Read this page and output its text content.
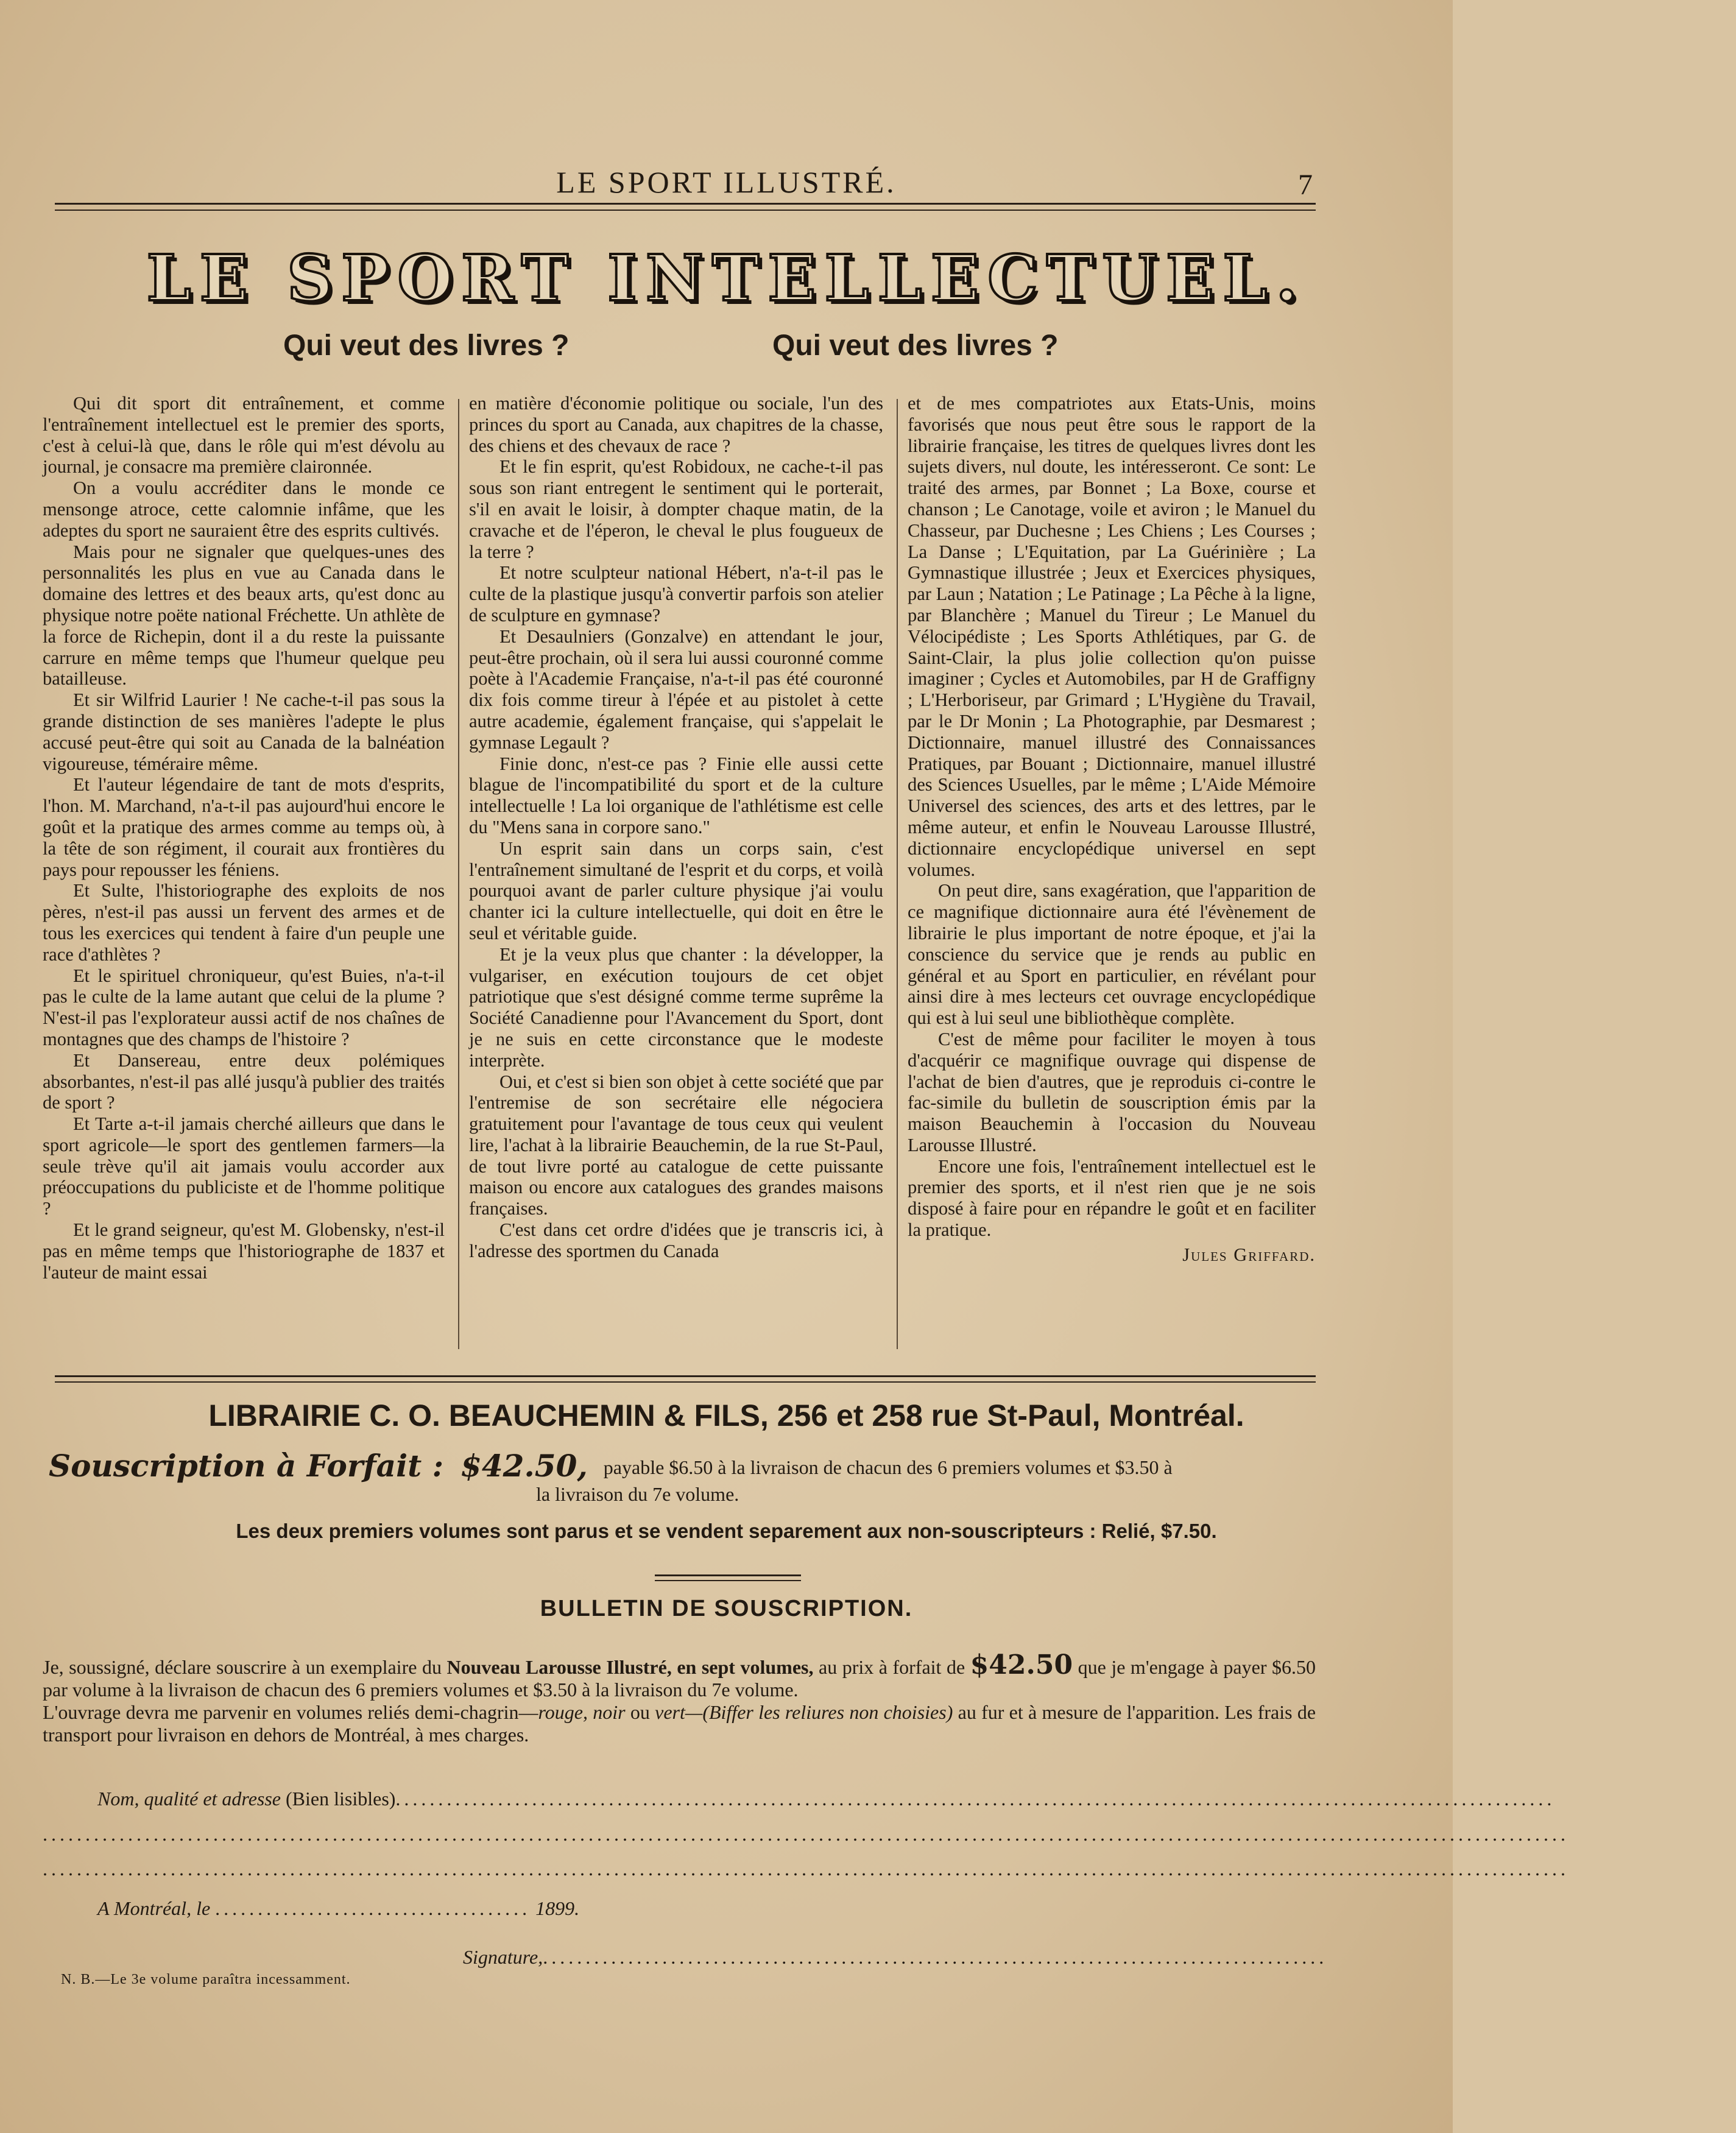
LE SPORT ILLUSTRÉ.	7
LE SPORT INTELLECTUEL.
Qui veut des livres ?	Qui veut des livres ?

Qui dit sport dit entraînement, et comme l'entraînement intellectuel est le premier des sports, c'est à celui-là que, dans le rôle qui m'est dévolu au journal, je consacre ma première claironnée.

On a voulu accréditer dans le monde ce mensonge atroce, cette calomnie infâme, que les adeptes du sport ne sauraient être des esprits cultivés.

Mais pour ne signaler que quelques-unes des personnalités les plus en vue au Canada dans le domaine des lettres et des beaux arts, qu'est donc au physique notre poëte national Fréchette. Un athlète de la force de Richepin, dont il a du reste la puissante carrure en même temps que l'humeur quelque peu batailleuse.

Et sir Wilfrid Laurier ! Ne cache-t-il pas sous la grande distinction de ses manières l'adepte le plus accusé peut-être qui soit au Canada de la balnéation vigoureuse, téméraire même.

Et l'auteur légendaire de tant de mots d'esprits, l'hon. M. Marchand, n'a-t-il pas aujourd'hui encore le goût et la pratique des armes comme au temps où, à la tête de son régiment, il courait aux frontières du pays pour repousser les féniens.

Et Sulte, l'historiographe des exploits de nos pères, n'est-il pas aussi un fervent des armes et de tous les exercices qui tendent à faire d'un peuple une race d'athlètes ?

Et le spirituel chroniqueur, qu'est Buies, n'a-t-il pas le culte de la lame autant que celui de la plume ? N'est-il pas l'explorateur aussi actif de nos chaînes de montagnes que des champs de l'histoire ?

Et Dansereau, entre deux polémiques absorbantes, n'est-il pas allé jusqu'à publier des traités de sport ?

Et Tarte a-t-il jamais cherché ailleurs que dans le sport agricole—le sport des gentlemen farmers—la seule trève qu'il ait jamais voulu accorder aux préoccupations du publiciste et de l'homme politique ?

Et le grand seigneur, qu'est M. Globensky, n'est-il pas en même temps que l'historiographe de 1837 et l'auteur de maint essai

en matière d'économie politique ou sociale, l'un des princes du sport au Canada, aux chapitres de la chasse, des chiens et des chevaux de race ?

Et le fin esprit, qu'est Robidoux, ne cache-t-il pas sous son riant entregent le sentiment qui le porterait, s'il en avait le loisir, à dompter chaque matin, de la cravache et de l'éperon, le cheval le plus fougueux de la terre ?

Et notre sculpteur national Hébert, n'a-t-il pas le culte de la plastique jusqu'à convertir parfois son atelier de sculpture en gymnase?

Et Desaulniers (Gonzalve) en attendant le jour, peut-être prochain, où il sera lui aussi couronné comme poète à l'Academie Française, n'a-t-il pas été couronné dix fois comme tireur à l'épée et au pistolet à cette autre academie, également française, qui s'appelait le gymnase Legault ?

Finie donc, n'est-ce pas ? Finie elle aussi cette blague de l'incompatibilité du sport et de la culture intellectuelle ! La loi organique de l'athlétisme est celle du "Mens sana in corpore sano."

Un esprit sain dans un corps sain, c'est l'entraînement simultané de l'esprit et du corps, et voilà pourquoi avant de parler culture physique j'ai voulu chanter ici la culture intellectuelle, qui doit en être le seul et véritable guide.

Et je la veux plus que chanter : la développer, la vulgariser, en exécution toujours de cet objet patriotique que s'est désigné comme terme suprême la Société Canadienne pour l'Avancement du Sport, dont je ne suis en cette circonstance que le modeste interprète.

Oui, et c'est si bien son objet à cette société que par l'entremise de son secrétaire elle négociera gratuitement pour l'avantage de tous ceux qui veulent lire, l'achat à la librairie Beauchemin, de la rue St-Paul, de tout livre porté au catalogue de cette puissante maison ou encore aux catalogues des grandes maisons françaises.

C'est dans cet ordre d'idées que je transcris ici, à l'adresse des sportmen du Canada

et de mes compatriotes aux Etats-Unis, moins favorisés que nous peut être sous le rapport de la librairie française, les titres de quelques livres dont les sujets divers, nul doute, les intéresseront. Ce sont: Le traité des armes, par Bonnet ; La Boxe, course et chanson ; Le Canotage, voile et aviron ; le Manuel du Chasseur, par Duchesne ; Les Chiens ; Les Courses ; La Danse ; L'Equitation, par La Guérinière ; La Gymnastique illustrée ; Jeux et Exercices physiques, par Laun ; Natation ; Le Patinage ; La Pêche à la ligne, par Blanchère ; Manuel du Tireur ; Le Manuel du Vélocipédiste ; Les Sports Athlétiques, par G. de Saint-Clair, la plus jolie collection qu'on puisse imaginer ; Cycles et Automobiles, par H de Graffigny ; L'Herboriseur, par Grimard ; L'Hygiène du Travail, par le Dr Monin ; La Photographie, par Desmarest ; Dictionnaire, manuel illustré des Connaissances Pratiques, par Bouant ; Dictionnaire, manuel illustré des Sciences Usuelles, par le même ; L'Aide Mémoire Universel des sciences, des arts et des lettres, par le même auteur, et enfin le Nouveau Larousse Illustré, dictionnaire encyclopédique universel en sept volumes.

On peut dire, sans exagération, que l'apparition de ce magnifique dictionnaire aura été l'évènement de librairie le plus important de notre époque, et j'ai la conscience du service que je rends au public en général et au Sport en particulier, en révélant pour ainsi dire à mes lecteurs cet ouvrage encyclopédique qui est à lui seul une bibliothèque complète.

C'est de même pour faciliter le moyen à tous d'acquérir ce magnifique ouvrage qui dispense de l'achat de bien d'autres, que je reproduis ci-contre le fac-simile du bulletin de souscription émis par la maison Beauchemin à l'occasion du Nouveau Larousse Illustré.

Encore une fois, l'entraînement intellectuel est le premier des sports, et il n'est rien que je ne sois disposé à faire pour en répandre le goût et en faciliter la pratique.

Jules Griffard.
LIBRAIRIE C. O. BEAUCHEMIN & FILS, 256 et 258 rue St-Paul, Montréal.
Souscription à Forfait : $42.50, payable $6.50 à la livraison de chacun des 6 premiers volumes et $3.50 à
la livraison du 7e volume.
Les deux premiers volumes sont parus et se vendent separement aux non-souscripteurs : Relié, $7.50.
BULLETIN DE SOUSCRIPTION.

Je, soussigné, déclare souscrire à un exemplaire du Nouveau Larousse Illustré, en sept volumes, au prix à forfait de $42.50 que je m'engage à payer $6.50 par volume à la livraison de chacun des 6 premiers volumes et $3.50 à la livraison du 7e volume.

L'ouvrage devra me parvenir en volumes reliés demi-chagrin—rouge, noir ou vert—(Biffer les reliures non choisies) au fur et à mesure de l'apparition. Les frais de transport pour livraison en dehors de Montréal, à mes charges.

Nom, qualité et adresse (Bien lisibles)........................................................................................................................................
...................................................................................................................................................................................
...................................................................................................................................................................................
A Montréal, le ..................................... 1899.
Signature,............................................................................................
N. B.—Le 3e volume paraîtra incessamment.
